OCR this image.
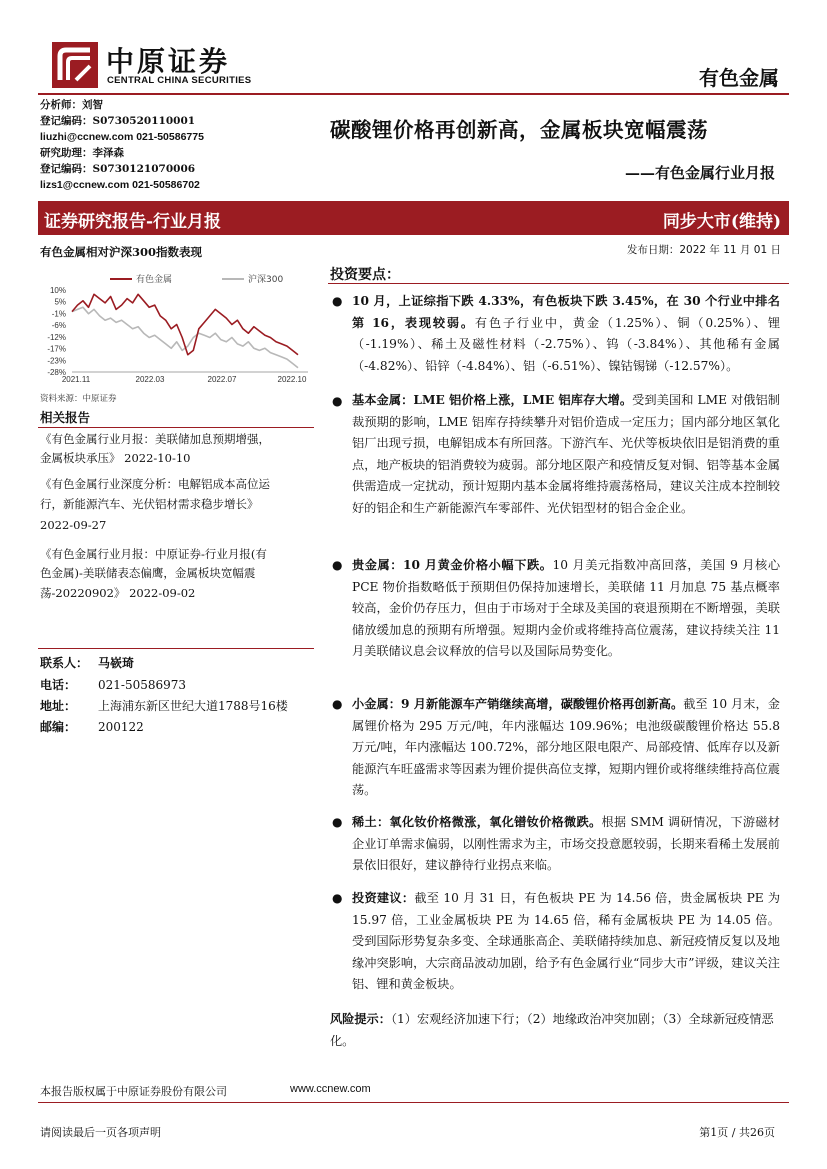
中原证券
CENTRAL CHINA SECURITIES	有色金属
分析师：刘智
登记编码：S0730520110001
liuzhi@ccnew.com 021-50586775
研究助理：李泽森
登记编码：S0730121070006
lizs1@ccnew.com 021-50586702
碳酸锂价格再创新高，金属板块宽幅震荡
——有色金属行业月报
证券研究报告-行业月报	同步大市(维持)
有色金属相对沪深300指数表现	发布日期：2022 年 11 月 01 日
有色金属	沪深300
10%
5%
-1%
-6%
-12%
-17%
-23%
-28%
2021.11	2022.03	2022.07	2022.10
资料来源：中原证券
相关报告
《有色金属行业月报：美联储加息预期增强，
金属板块承压》 2022-10-10
《有色金属行业深度分析：电解铝成本高位运
行，新能源汽车、光伏铝材需求稳步增长》
2022-09-27
《有色金属行业月报：中原证券-行业月报(有
色金属)-美联储表态偏鹰，金属板块宽幅震
荡-20220902》 2022-09-02
联系人： 马嵚琦
电话： 021-50586973
地址： 上海浦东新区世纪大道1788号16楼
邮编： 200122
投资要点：
● 10 月，上证综指下跌 4.33%，有色板块下跌 3.45%，在 30 个行业中排名第 16，表现较弱。有色子行业中，黄金（1.25%）、铜（0.25%）、锂（-1.19%）、稀土及磁性材料（-2.75%）、钨（-3.84%）、其他稀有金属（-4.82%）、铅锌（-4.84%）、铝（-6.51%）、镍钴锡锑（-12.57%）。
● 基本金属：LME 铝价格上涨，LME 铝库存大增。受到美国和 LME 对俄铝制裁预期的影响，LME 铝库存持续攀升对铝价造成一定压力；国内部分地区氧化铝厂出现亏损，电解铝成本有所回落。下游汽车、光伏等板块依旧是铝消费的重点，地产板块的铝消费较为疲弱。部分地区限产和疫情反复对铜、铝等基本金属供需造成一定扰动，预计短期内基本金属将维持震荡格局，建议关注成本控制较好的铝企和生产新能源汽车零部件、光伏铝型材的铝合金企业。
● 贵金属：10 月黄金价格小幅下跌。10 月美元指数冲高回落，美国 9 月核心 PCE 物价指数略低于预期但仍保持加速增长，美联储 11 月加息 75 基点概率较高，金价仍存压力，但由于市场对于全球及美国的衰退预期在不断增强，美联储放缓加息的预期有所增强。短期内金价或将维持高位震荡，建议持续关注 11 月美联储议息会议释放的信号以及国际局势变化。
● 小金属：9 月新能源车产销继续高增，碳酸锂价格再创新高。截至 10 月末，金属锂价格为 295 万元/吨，年内涨幅达 109.96%；电池级碳酸锂价格达 55.8 万元/吨，年内涨幅达 100.72%，部分地区限电限产、局部疫情、低库存以及新能源汽车旺盛需求等因素为锂价提供高位支撑，短期内锂价或将继续维持高位震荡。
● 稀土：氧化钕价格微涨，氧化镨钕价格微跌。根据 SMM 调研情况，下游磁材企业订单需求偏弱，以刚性需求为主，市场交投意愿较弱，长期来看稀土发展前景依旧很好，建议静待行业拐点来临。
● 投资建议：截至 10 月 31 日，有色板块 PE 为 14.56 倍，贵金属板块 PE 为 15.97 倍，工业金属板块 PE 为 14.65 倍，稀有金属板块 PE 为 14.05 倍。受到国际形势复杂多变、全球通胀高企、美联储持续加息、新冠疫情反复以及地缘冲突影响，大宗商品波动加剧，给予有色金属行业“同步大市”评级，建议关注铝、锂和黄金板块。
风险提示：（1）宏观经济加速下行；（2）地缘政治冲突加剧；（3）全球新冠疫情恶化。
本报告版权属于中原证券股份有限公司	www.ccnew.com
请阅读最后一页各项声明	第1页 / 共26页
